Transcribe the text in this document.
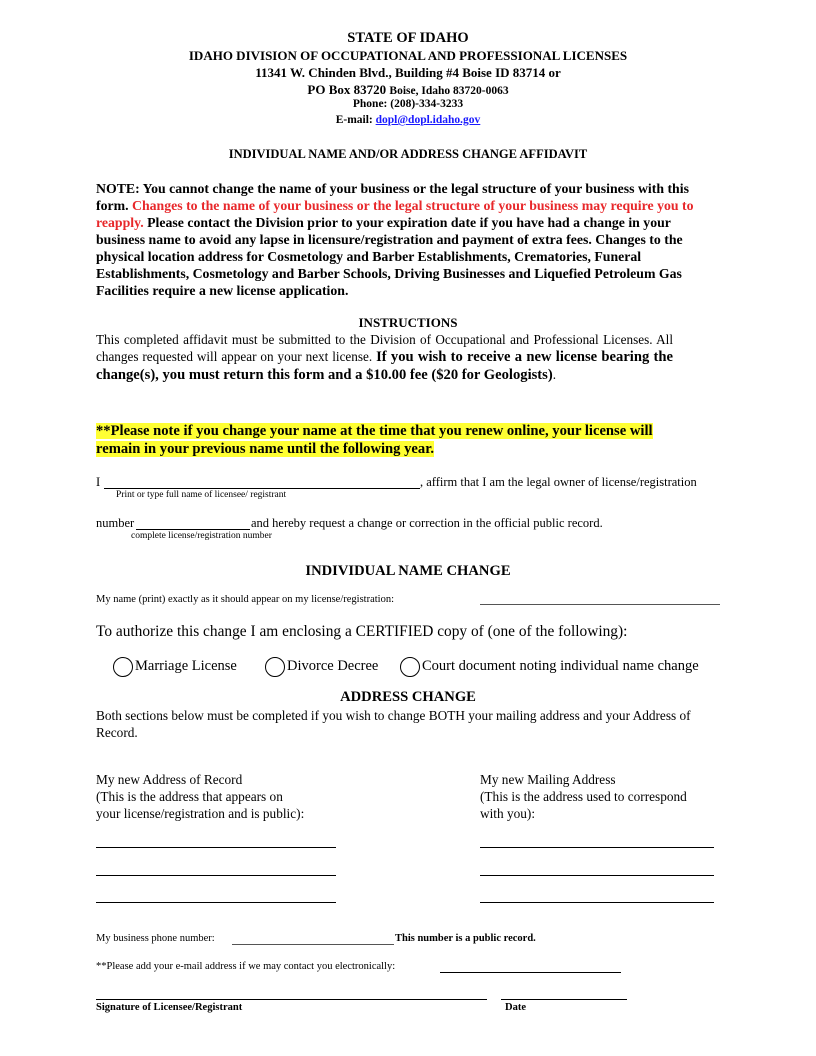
STATE OF IDAHO
IDAHO DIVISION OF OCCUPATIONAL AND PROFESSIONAL LICENSES
11341 W. Chinden Blvd., Building #4 Boise ID 83714 or
PO Box 83720 Boise, Idaho 83720-0063
Phone: (208)-334-3233
E-mail: dopl@dopl.idaho.gov
INDIVIDUAL NAME AND/OR ADDRESS CHANGE AFFIDAVIT
NOTE: You cannot change the name of your business or the legal structure of your business with this form. Changes to the name of your business or the legal structure of your business may require you to reapply. Please contact the Division prior to your expiration date if you have had a change in your business name to avoid any lapse in licensure/registration and payment of extra fees. Changes to the physical location address for Cosmetology and Barber Establishments, Crematories, Funeral Establishments, Cosmetology and Barber Schools, Driving Businesses and Liquefied Petroleum Gas Facilities require a new license application.
INSTRUCTIONS
This completed affidavit must be submitted to the Division of Occupational and Professional Licenses. All changes requested will appear on your next license. If you wish to receive a new license bearing the change(s), you must return this form and a $10.00 fee ($20 for Geologists).
**Please note if you change your name at the time that you renew online, your license will remain in your previous name until the following year.
I	, affirm that I am the legal owner of license/registration
Print or type full name of licensee/ registrant
number	and hereby request a change or correction in the official public record.
complete license/registration number
INDIVIDUAL NAME CHANGE
My name (print) exactly as it should appear on my license/registration:
To authorize this change I am enclosing a CERTIFIED copy of (one of the following):
Marriage License	Divorce Decree	Court document noting individual name change
ADDRESS CHANGE
Both sections below must be completed if you wish to change BOTH your mailing address and your Address of Record.
My new Address of Record
(This is the address that appears on
your license/registration and is public):
My new Mailing Address
(This is the address used to correspond
with you):
My business phone number:	This number is a public record.
**Please add your e-mail address if we may contact you electronically:
Signature of Licensee/Registrant	Date
